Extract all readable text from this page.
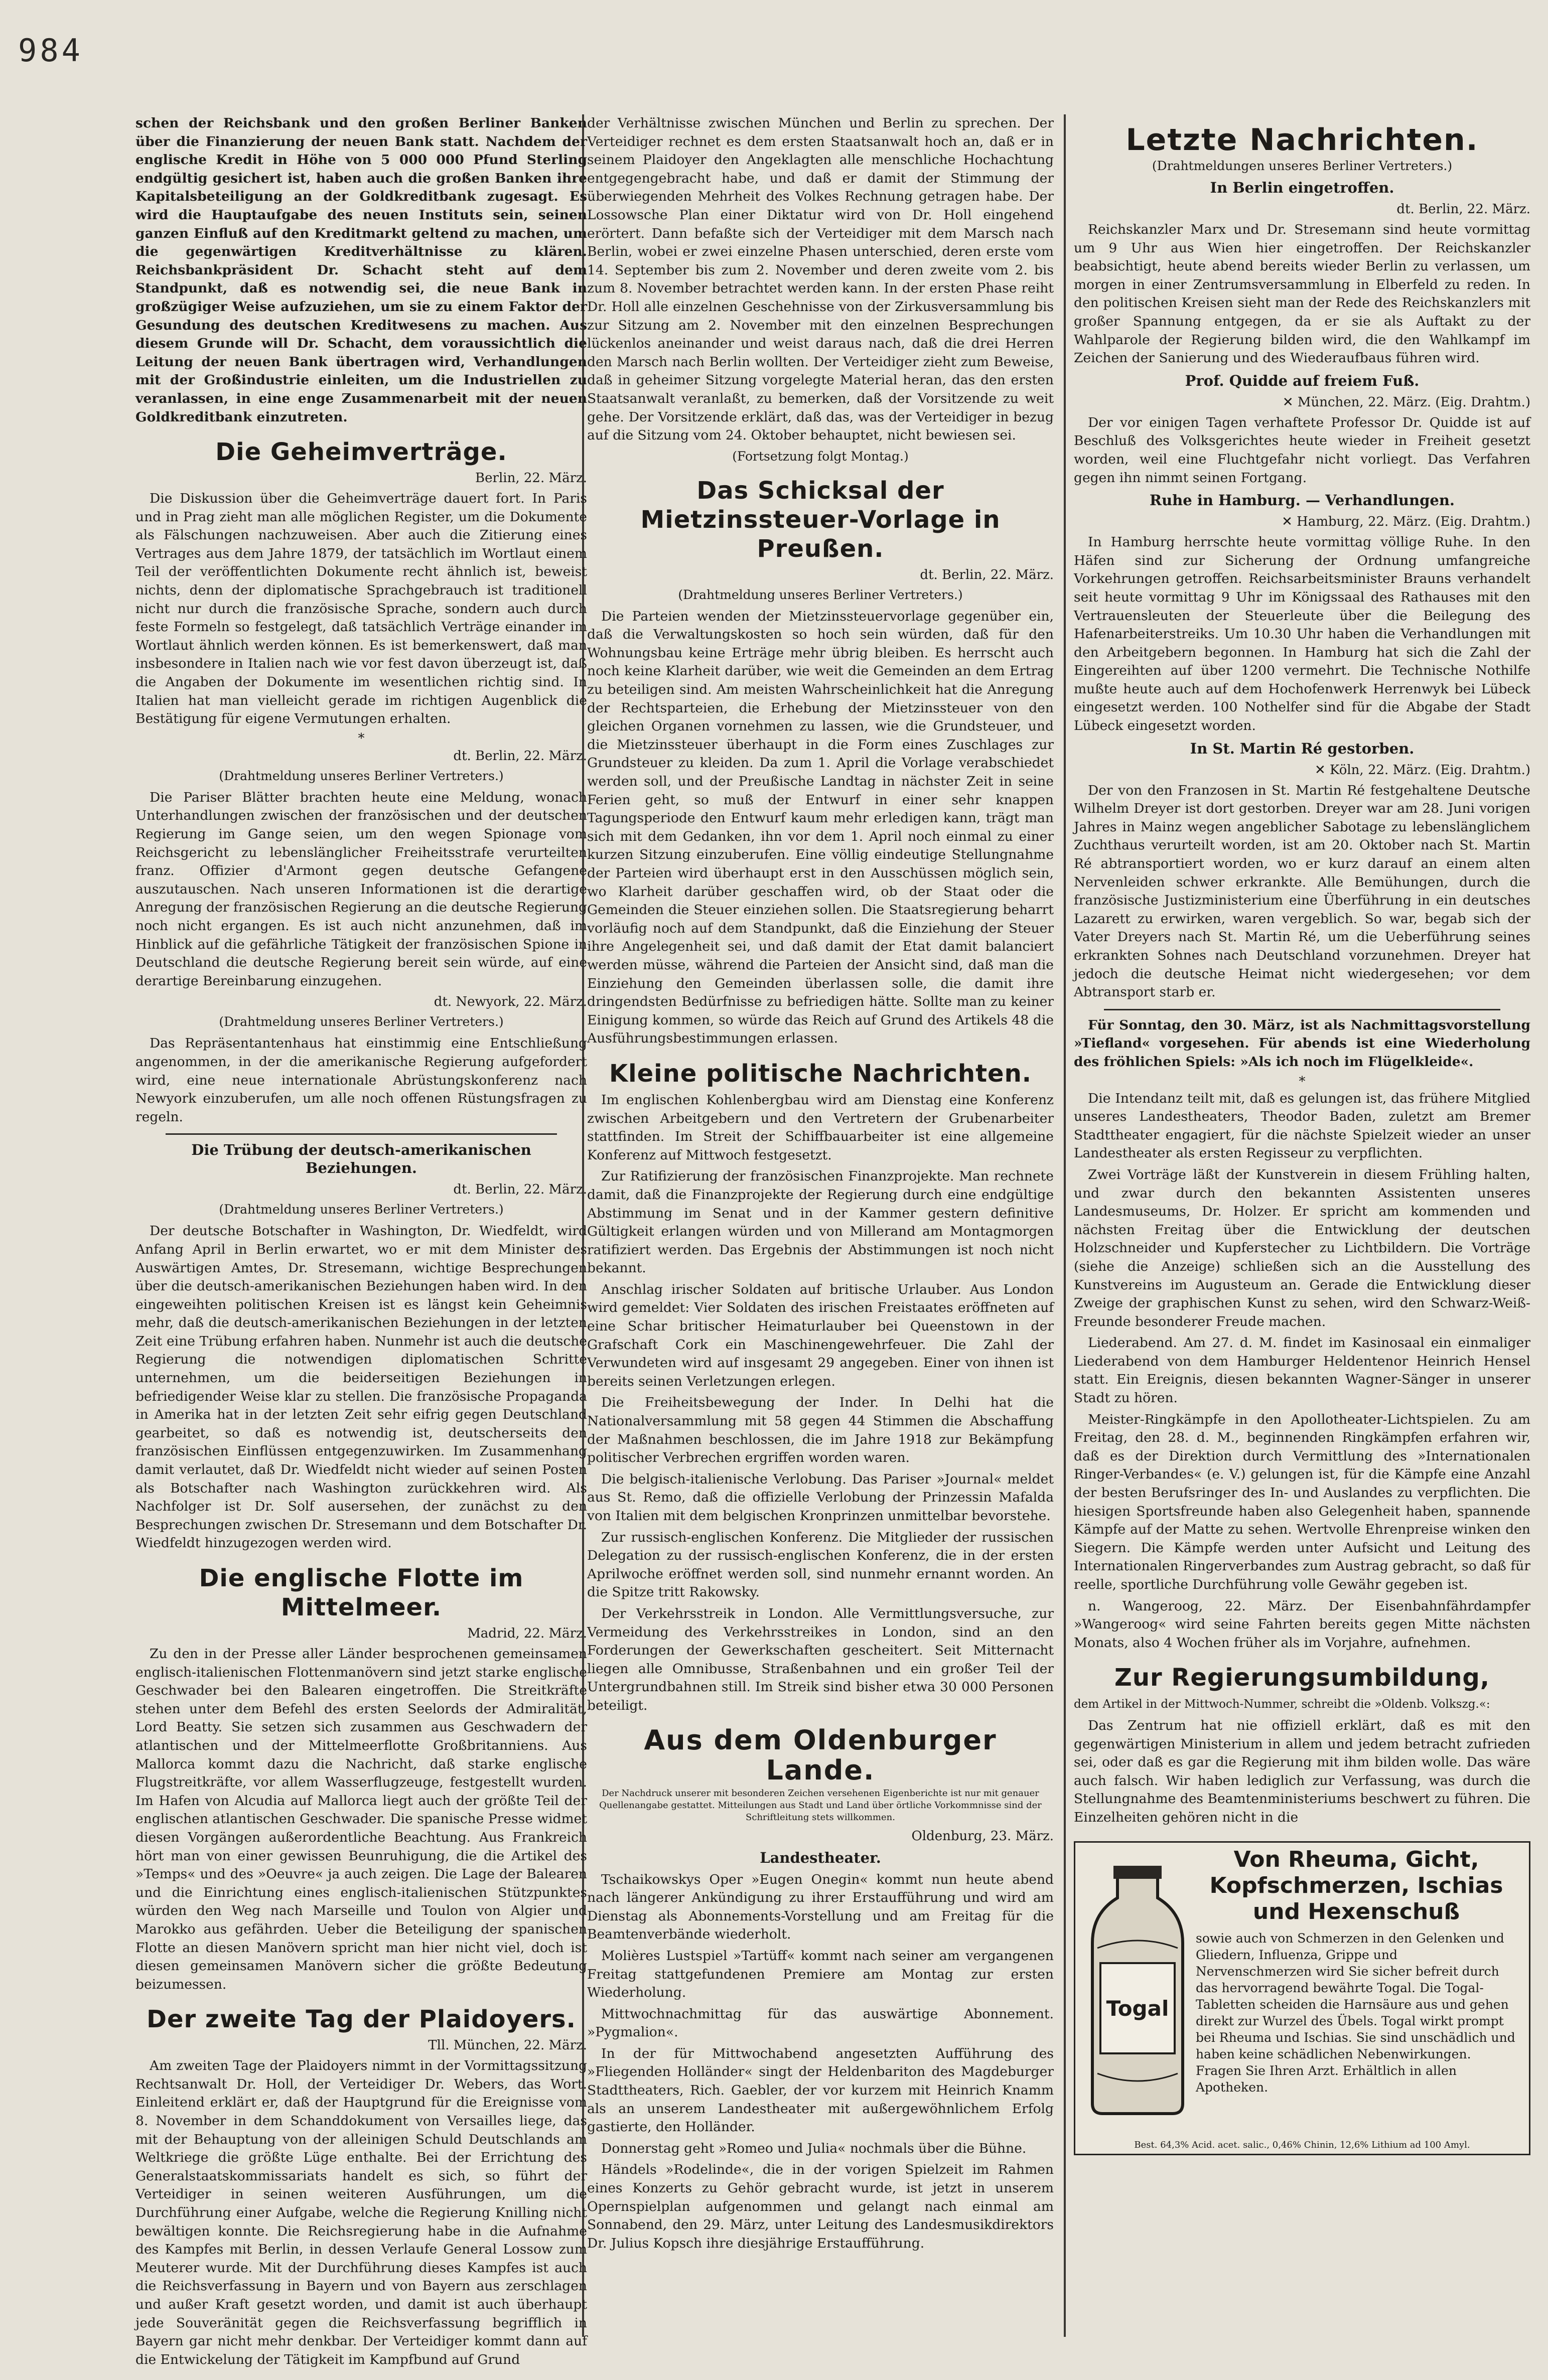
984

schen der Reichsbank und den großen Berliner Banken über die Finanzierung der neuen Bank statt. Nachdem der englische Kredit in Höhe von 5 000 000 Pfund Sterling endgültig gesichert ist, haben auch die großen Banken ihre Kapitalsbeteiligung an der Goldkreditbank zugesagt. Es wird die Hauptaufgabe des neuen Instituts sein, seinen ganzen Einfluß auf den Kreditmarkt geltend zu machen, um die gegenwärtigen Kreditverhältnisse zu klären. Reichsbankpräsident Dr. Schacht steht auf dem Standpunkt, daß es notwendig sei, die neue Bank in großzügiger Weise aufzuziehen, um sie zu einem Faktor der Gesundung des deutschen Kreditwesens zu machen. Aus diesem Grunde will Dr. Schacht, dem voraussichtlich die Leitung der neuen Bank übertragen wird, Verhandlungen mit der Großindustrie einleiten, um die Industriellen zu veranlassen, in eine enge Zusammenarbeit mit der neuen Goldkreditbank einzutreten.

Die Geheimverträge.
Berlin, 22. März.

Die Diskussion über die Geheimverträge dauert fort. In Paris und in Prag zieht man alle möglichen Register, um die Dokumente als Fälschungen nachzuweisen. Aber auch die Zitierung eines Vertrages aus dem Jahre 1879, der tatsächlich im Wortlaut einem Teil der veröffentlichten Dokumente recht ähnlich ist, beweist nichts, denn der diplomatische Sprachgebrauch ist traditionell nicht nur durch die französische Sprache, sondern auch durch feste Formeln so festgelegt, daß tatsächlich Verträge einander im Wortlaut ähnlich werden können. Es ist bemerkenswert, daß man insbesondere in Italien nach wie vor fest davon überzeugt ist, daß die Angaben der Dokumente im wesentlichen richtig sind. In Italien hat man vielleicht gerade im richtigen Augenblick die Bestätigung für eigene Vermutungen erhalten.

*
dt. Berlin, 22. März.
(Drahtmeldung unseres Berliner Vertreters.)

Die Pariser Blätter brachten heute eine Meldung, wonach Unterhandlungen zwischen der französischen und der deutschen Regierung im Gange seien, um den wegen Spionage vom Reichsgericht zu lebenslänglicher Freiheitsstrafe verurteilten franz. Offizier d'Armont gegen deutsche Gefangene auszutauschen. Nach unseren Informationen ist die derartige Anregung der französischen Regierung an die deutsche Regierung noch nicht ergangen. Es ist auch nicht anzunehmen, daß im Hinblick auf die gefährliche Tätigkeit der französischen Spione in Deutschland die deutsche Regierung bereit sein würde, auf eine derartige Bereinbarung einzugehen.

dt. Newyork, 22. März.
(Drahtmeldung unseres Berliner Vertreters.)

Das Repräsentantenhaus hat einstimmig eine Entschließung angenommen, in der die amerikanische Regierung aufgefordert wird, eine neue internationale Abrüstungskonferenz nach Newyork einzuberufen, um alle noch offenen Rüstungsfragen zu regeln.

Die Trübung der deutsch-amerikanischen Beziehungen.
dt. Berlin, 22. März.
(Drahtmeldung unseres Berliner Vertreters.)

Der deutsche Botschafter in Washington, Dr. Wiedfeldt, wird Anfang April in Berlin erwartet, wo er mit dem Minister des Auswärtigen Amtes, Dr. Stresemann, wichtige Besprechungen über die deutsch-amerikanischen Beziehungen haben wird. In den eingeweihten politischen Kreisen ist es längst kein Geheimnis mehr, daß die deutsch-amerikanischen Beziehungen in der letzten Zeit eine Trübung erfahren haben. Nunmehr ist auch die deutsche Regierung die notwendigen diplomatischen Schritte unternehmen, um die beiderseitigen Beziehungen in befriedigender Weise klar zu stellen. Die französische Propaganda in Amerika hat in der letzten Zeit sehr eifrig gegen Deutschland gearbeitet, so daß es notwendig ist, deutscherseits den französischen Einflüssen entgegenzuwirken. Im Zusammenhang damit verlautet, daß Dr. Wiedfeldt nicht wieder auf seinen Posten als Botschafter nach Washington zurückkehren wird. Als Nachfolger ist Dr. Solf ausersehen, der zunächst zu den Besprechungen zwischen Dr. Stresemann und dem Botschafter Dr. Wiedfeldt hinzugezogen werden wird.

Die englische Flotte im Mittelmeer.
Madrid, 22. März.

Zu den in der Presse aller Länder besprochenen gemeinsamen englisch-italienischen Flottenmanövern sind jetzt starke englische Geschwader bei den Balearen eingetroffen. Die Streitkräfte stehen unter dem Befehl des ersten Seelords der Admiralität, Lord Beatty. Sie setzen sich zusammen aus Geschwadern der atlantischen und der Mittelmeerflotte Großbritanniens. Aus Mallorca kommt dazu die Nachricht, daß starke englische Flugstreitkräfte, vor allem Wasserflugzeuge, festgestellt wurden. Im Hafen von Alcudia auf Mallorca liegt auch der größte Teil der englischen atlantischen Geschwader. Die spanische Presse widmet diesen Vorgängen außerordentliche Beachtung. Aus Frankreich hört man von einer gewissen Beunruhigung, die die Artikel des »Temps« und des »Oeuvre« ja auch zeigen. Die Lage der Balearen und die Einrichtung eines englisch-italienischen Stützpunktes würden den Weg nach Marseille und Toulon von Algier und Marokko aus gefährden. Ueber die Beteiligung der spanischen Flotte an diesen Manövern spricht man hier nicht viel, doch ist diesen gemeinsamen Manövern sicher die größte Bedeutung beizumessen.

Der zweite Tag der Plaidoyers.
Tll. München, 22. März.

Am zweiten Tage der Plaidoyers nimmt in der Vormittagssitzung Rechtsanwalt Dr. Holl, der Verteidiger Dr. Webers, das Wort. Einleitend erklärt er, daß der Hauptgrund für die Ereignisse vom 8. November in dem Schanddokument von Versailles liege, das mit der Behauptung von der alleinigen Schuld Deutschlands am Weltkriege die größte Lüge enthalte. Bei der Errichtung des Generalstaatskommissariats handelt es sich, so führt der Verteidiger in seinen weiteren Ausführungen, um die Durchführung einer Aufgabe, welche die Regierung Knilling nicht bewältigen konnte. Die Reichsregierung habe in die Aufnahme des Kampfes mit Berlin, in dessen Verlaufe General Lossow zum Meuterer wurde. Mit der Durchführung dieses Kampfes ist auch die Reichsverfassung in Bayern und von Bayern aus zerschlagen und außer Kraft gesetzt worden, und damit ist auch überhaupt jede Souveränität gegen die Reichsverfassung begrifflich in Bayern gar nicht mehr denkbar. Der Verteidiger kommt dann auf die Entwickelung der Tätigkeit im Kampfbund auf Grund

der Verhältnisse zwischen München und Berlin zu sprechen. Der Verteidiger rechnet es dem ersten Staatsanwalt hoch an, daß er in seinem Plaidoyer den Angeklagten alle menschliche Hochachtung entgegengebracht habe, und daß er damit der Stimmung der überwiegenden Mehrheit des Volkes Rechnung getragen habe. Der Lossowsche Plan einer Diktatur wird von Dr. Holl eingehend erörtert. Dann befaßte sich der Verteidiger mit dem Marsch nach Berlin, wobei er zwei einzelne Phasen unterschied, deren erste vom 14. September bis zum 2. November und deren zweite vom 2. bis zum 8. November betrachtet werden kann. In der ersten Phase reiht Dr. Holl alle einzelnen Geschehnisse von der Zirkusversammlung bis zur Sitzung am 2. November mit den einzelnen Besprechungen lückenlos aneinander und weist daraus nach, daß die drei Herren den Marsch nach Berlin wollten. Der Verteidiger zieht zum Beweise, daß in geheimer Sitzung vorgelegte Material heran, das den ersten Staatsanwalt veranlaßt, zu bemerken, daß der Vorsitzende zu weit gehe. Der Vorsitzende erklärt, daß das, was der Verteidiger in bezug auf die Sitzung vom 24. Oktober behauptet, nicht bewiesen sei.

(Fortsetzung folgt Montag.)
Das Schicksal der Mietzinssteuer-Vorlage in Preußen.
dt. Berlin, 22. März.
(Drahtmeldung unseres Berliner Vertreters.)

Die Parteien wenden der Mietzinssteuervorlage gegenüber ein, daß die Verwaltungskosten so hoch sein würden, daß für den Wohnungsbau keine Erträge mehr übrig bleiben. Es herrscht auch noch keine Klarheit darüber, wie weit die Gemeinden an dem Ertrag zu beteiligen sind. Am meisten Wahrscheinlichkeit hat die Anregung der Rechtsparteien, die Erhebung der Mietzinssteuer von den gleichen Organen vornehmen zu lassen, wie die Grundsteuer, und die Mietzinssteuer überhaupt in die Form eines Zuschlages zur Grundsteuer zu kleiden. Da zum 1. April die Vorlage verabschiedet werden soll, und der Preußische Landtag in nächster Zeit in seine Ferien geht, so muß der Entwurf in einer sehr knappen Tagungsperiode den Entwurf kaum mehr erledigen kann, trägt man sich mit dem Gedanken, ihn vor dem 1. April noch einmal zu einer kurzen Sitzung einzuberufen. Eine völlig eindeutige Stellungnahme der Parteien wird überhaupt erst in den Ausschüssen möglich sein, wo Klarheit darüber geschaffen wird, ob der Staat oder die Gemeinden die Steuer einziehen sollen. Die Staatsregierung beharrt vorläufig noch auf dem Standpunkt, daß die Einziehung der Steuer ihre Angelegenheit sei, und daß damit der Etat damit balanciert werden müsse, während die Parteien der Ansicht sind, daß man die Einziehung den Gemeinden überlassen solle, die damit ihre dringendsten Bedürfnisse zu befriedigen hätte. Sollte man zu keiner Einigung kommen, so würde das Reich auf Grund des Artikels 48 die Ausführungsbestimmungen erlassen.

Kleine politische Nachrichten.

Im englischen Kohlenbergbau wird am Dienstag eine Konferenz zwischen Arbeitgebern und den Vertretern der Grubenarbeiter stattfinden. Im Streit der Schiffbauarbeiter ist eine allgemeine Konferenz auf Mittwoch festgesetzt.

Zur Ratifizierung der französischen Finanzprojekte. Man rechnete damit, daß die Finanzprojekte der Regierung durch eine endgültige Abstimmung im Senat und in der Kammer gestern definitive Gültigkeit erlangen würden und von Millerand am Montagmorgen ratifiziert werden. Das Ergebnis der Abstimmungen ist noch nicht bekannt.

Anschlag irischer Soldaten auf britische Urlauber. Aus London wird gemeldet: Vier Soldaten des irischen Freistaates eröffneten auf eine Schar britischer Heimaturlauber bei Queenstown in der Grafschaft Cork ein Maschinengewehrfeuer. Die Zahl der Verwundeten wird auf insgesamt 29 angegeben. Einer von ihnen ist bereits seinen Verletzungen erlegen.

Die Freiheitsbewegung der Inder. In Delhi hat die Nationalversammlung mit 58 gegen 44 Stimmen die Abschaffung der Maßnahmen beschlossen, die im Jahre 1918 zur Bekämpfung politischer Verbrechen ergriffen worden waren.

Die belgisch-italienische Verlobung. Das Pariser »Journal« meldet aus St. Remo, daß die offizielle Verlobung der Prinzessin Mafalda von Italien mit dem belgischen Kronprinzen unmittelbar bevorstehe.

Zur russisch-englischen Konferenz. Die Mitglieder der russischen Delegation zu der russisch-englischen Konferenz, die in der ersten Aprilwoche eröffnet werden soll, sind nunmehr ernannt worden. An die Spitze tritt Rakowsky.

Der Verkehrsstreik in London. Alle Vermittlungsversuche, zur Vermeidung des Verkehrsstreikes in London, sind an den Forderungen der Gewerkschaften gescheitert. Seit Mitternacht liegen alle Omnibusse, Straßenbahnen und ein großer Teil der Untergrundbahnen still. Im Streik sind bisher etwa 30 000 Personen beteiligt.

Aus dem Oldenburger Lande.
Der Nachdruck unserer mit besonderen Zeichen versehenen Eigenberichte ist nur mit genauer Quellenangabe gestattet. Mitteilungen aus Stadt und Land über örtliche Vorkommnisse sind der Schriftleitung stets willkommen.
Oldenburg, 23. März.
Landestheater.

Tschaikowskys Oper »Eugen Onegin« kommt nun heute abend nach längerer Ankündigung zu ihrer Erstaufführung und wird am Dienstag als Abonnements-Vorstellung und am Freitag für die Beamtenverbände wiederholt.

Molières Lustspiel »Tartüff« kommt nach seiner am vergangenen Freitag stattgefundenen Premiere am Montag zur ersten Wiederholung.

Mittwochnachmittag für das auswärtige Abonnement. »Pygmalion«.

In der für Mittwochabend angesetzten Aufführung des »Fliegenden Holländer« singt der Heldenbariton des Magdeburger Stadttheaters, Rich. Gaebler, der vor kurzem mit Heinrich Knamm als an unserem Landestheater mit außergewöhnlichem Erfolg gastierte, den Holländer.

Donnerstag geht »Romeo und Julia« nochmals über die Bühne.

Händels »Rodelinde«, die in der vorigen Spielzeit im Rahmen eines Konzerts zu Gehör gebracht wurde, ist jetzt in unserem Opernspielplan aufgenommen und gelangt nach einmal am Sonnabend, den 29. März, unter Leitung des Landesmusikdirektors Dr. Julius Kopsch ihre diesjährige Erstaufführung.

Letzte Nachrichten.
(Drahtmeldungen unseres Berliner Vertreters.)
In Berlin eingetroffen.
dt. Berlin, 22. März.

Reichskanzler Marx und Dr. Stresemann sind heute vormittag um 9 Uhr aus Wien hier eingetroffen. Der Reichskanzler beabsichtigt, heute abend bereits wieder Berlin zu verlassen, um morgen in einer Zentrumsversammlung in Elberfeld zu reden. In den politischen Kreisen sieht man der Rede des Reichskanzlers mit großer Spannung entgegen, da er sie als Auftakt zu der Wahlparole der Regierung bilden wird, die den Wahlkampf im Zeichen der Sanierung und des Wiederaufbaus führen wird.

Prof. Quidde auf freiem Fuß.
✕ München, 22. März. (Eig. Drahtm.)

Der vor einigen Tagen verhaftete Professor Dr. Quidde ist auf Beschluß des Volksgerichtes heute wieder in Freiheit gesetzt worden, weil eine Fluchtgefahr nicht vorliegt. Das Verfahren gegen ihn nimmt seinen Fortgang.

Ruhe in Hamburg. — Verhandlungen.
✕ Hamburg, 22. März. (Eig. Drahtm.)

In Hamburg herrschte heute vormittag völlige Ruhe. In den Häfen sind zur Sicherung der Ordnung umfangreiche Vorkehrungen getroffen. Reichsarbeitsminister Brauns verhandelt seit heute vormittag 9 Uhr im Königssaal des Rathauses mit den Vertrauensleuten der Steuerleute über die Beilegung des Hafenarbeiterstreiks. Um 10.30 Uhr haben die Verhandlungen mit den Arbeitgebern begonnen. In Hamburg hat sich die Zahl der Eingereihten auf über 1200 vermehrt. Die Technische Nothilfe mußte heute auch auf dem Hochofenwerk Herrenwyk bei Lübeck eingesetzt werden. 100 Nothelfer sind für die Abgabe der Stadt Lübeck eingesetzt worden.

In St. Martin Ré gestorben.
✕ Köln, 22. März. (Eig. Drahtm.)

Der von den Franzosen in St. Martin Ré festgehaltene Deutsche Wilhelm Dreyer ist dort gestorben. Dreyer war am 28. Juni vorigen Jahres in Mainz wegen angeblicher Sabotage zu lebenslänglichem Zuchthaus verurteilt worden, ist am 20. Oktober nach St. Martin Ré abtransportiert worden, wo er kurz darauf an einem alten Nervenleiden schwer erkrankte. Alle Bemühungen, durch die französische Justizministerium eine Überführung in ein deutsches Lazarett zu erwirken, waren vergeblich. So war, begab sich der Vater Dreyers nach St. Martin Ré, um die Ueberführung seines erkrankten Sohnes nach Deutschland vorzunehmen. Dreyer hat jedoch die deutsche Heimat nicht wiedergesehen; vor dem Abtransport starb er.

Für Sonntag, den 30. März, ist als Nachmittagsvorstellung »Tiefland« vorgesehen. Für abends ist eine Wiederholung des fröhlichen Spiels: »Als ich noch im Flügelkleide«.

*

Die Intendanz teilt mit, daß es gelungen ist, das frühere Mitglied unseres Landestheaters, Theodor Baden, zuletzt am Bremer Stadttheater engagiert, für die nächste Spielzeit wieder an unser Landestheater als ersten Regisseur zu verpflichten.

Zwei Vorträge läßt der Kunstverein in diesem Frühling halten, und zwar durch den bekannten Assistenten unseres Landesmuseums, Dr. Holzer. Er spricht am kommenden und nächsten Freitag über die Entwicklung der deutschen Holzschneider und Kupferstecher zu Lichtbildern. Die Vorträge (siehe die Anzeige) schließen sich an die Ausstellung des Kunstvereins im Augusteum an. Gerade die Entwicklung dieser Zweige der graphischen Kunst zu sehen, wird den Schwarz-Weiß-Freunde besonderer Freude machen.

Liederabend. Am 27. d. M. findet im Kasinosaal ein einmaliger Liederabend von dem Hamburger Heldentenor Heinrich Hensel statt. Ein Ereignis, diesen bekannten Wagner-Sänger in unserer Stadt zu hören.

Meister-Ringkämpfe in den Apollotheater-Lichtspielen. Zu am Freitag, den 28. d. M., beginnenden Ringkämpfen erfahren wir, daß es der Direktion durch Vermittlung des »Internationalen Ringer-Verbandes« (e. V.) gelungen ist, für die Kämpfe eine Anzahl der besten Berufsringer des In- und Auslandes zu verpflichten. Die hiesigen Sportsfreunde haben also Gelegenheit haben, spannende Kämpfe auf der Matte zu sehen. Wertvolle Ehrenpreise winken den Siegern. Die Kämpfe werden unter Aufsicht und Leitung des Internationalen Ringerverbandes zum Austrag gebracht, so daß für reelle, sportliche Durchführung volle Gewähr gegeben ist.

n. Wangeroog, 22. März. Der Eisenbahnfährdampfer »Wangeroog« wird seine Fahrten bereits gegen Mitte nächsten Monats, also 4 Wochen früher als im Vorjahre, aufnehmen.

Zur Regierungsumbildung,

dem Artikel in der Mittwoch-Nummer, schreibt die »Oldenb. Volkszg.«:

Das Zentrum hat nie offiziell erklärt, daß es mit den gegenwärtigen Ministerium in allem und jedem betracht zufrieden sei, oder daß es gar die Regierung mit ihm bilden wolle. Das wäre auch falsch. Wir haben lediglich zur Verfassung, was durch die Stellungnahme des Beamtenministeriums beschwert zu führen. Die Einzelheiten gehören nicht in die

Togal
Von Rheuma, Gicht, Kopfschmerzen, Ischias und Hexenschuß
sowie auch von Schmerzen in den Gelenken und Gliedern, Influenza, Grippe und Nervenschmerzen wird Sie sicher befreit durch das hervorragend bewährte Togal. Die Togal-Tabletten scheiden die Harnsäure aus und gehen direkt zur Wurzel des Übels. Togal wirkt prompt bei Rheuma und Ischias. Sie sind unschädlich und haben keine schädlichen Nebenwirkungen. Fragen Sie Ihren Arzt. Erhältlich in allen Apotheken.
Best. 64,3% Acid. acet. salic., 0,46% Chinin, 12,6% Lithium ad 100 Amyl.
